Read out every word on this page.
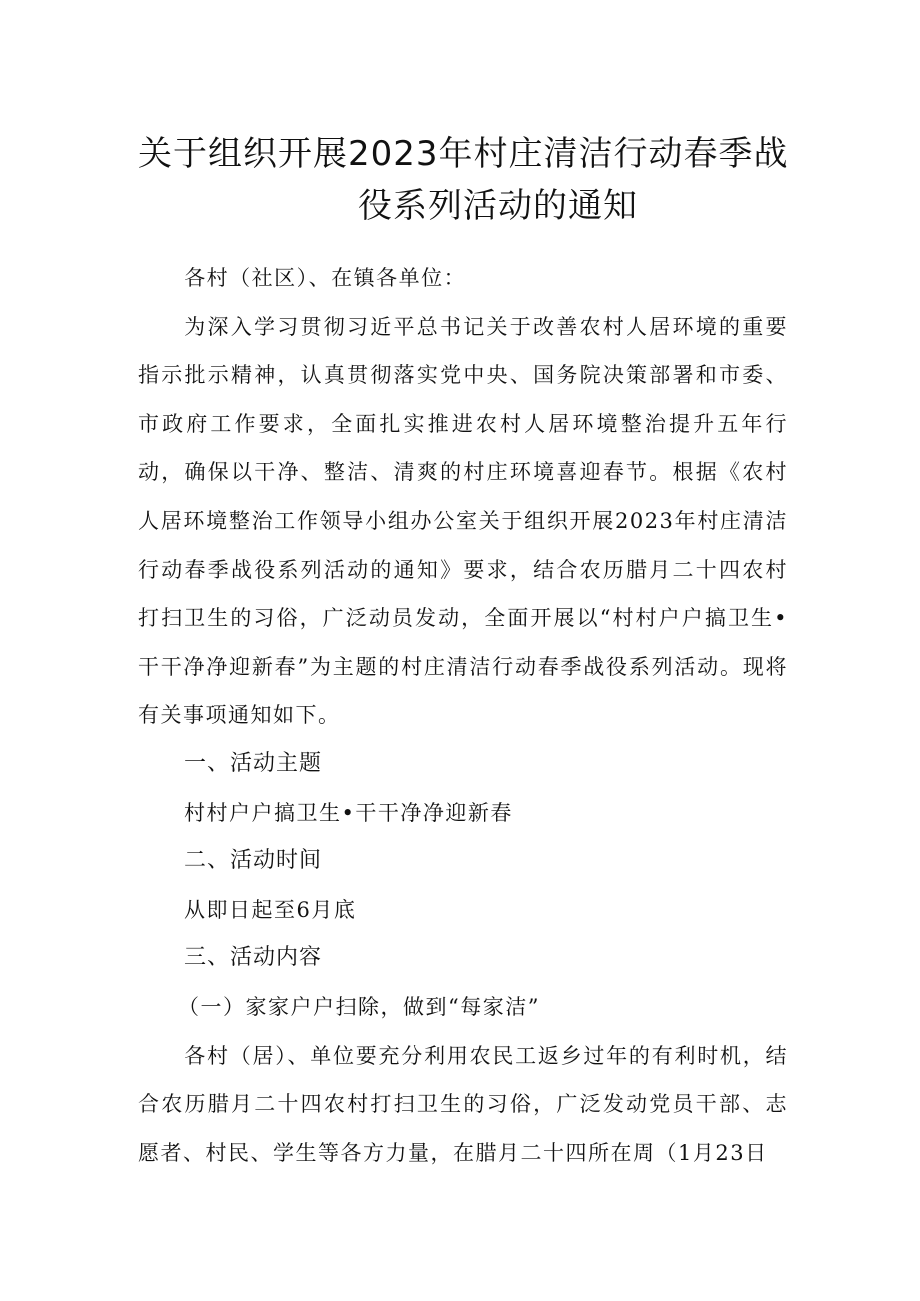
关于组织开展2023年村庄清洁行动春季战
役系列活动的通知

各村（社区）、在镇各单位：

为深入学习贯彻习近平总书记关于改善农村人居环境的重要指示批示精神，认真贯彻落实党中央、国务院决策部署和市委、市政府工作要求，全面扎实推进农村人居环境整治提升五年行动，确保以干净、整洁、清爽的村庄环境喜迎春节。根据《农村人居环境整治工作领导小组办公室关于组织开展2023年村庄清洁行动春季战役系列活动的通知》要求，结合农历腊月二十四农村打扫卫生的习俗，广泛动员发动，全面开展以“村村户户搞卫生•干干净净迎新春”为主题的村庄清洁行动春季战役系列活动。现将有关事项通知如下。

一、活动主题

村村户户搞卫生•干干净净迎新春

二、活动时间

从即日起至6月底

三、活动内容

（一）家家户户扫除，做到“每家洁”

各村（居）、单位要充分利用农民工返乡过年的有利时机，结合农历腊月二十四农村打扫卫生的习俗，广泛发动党员干部、志愿者、村民、学生等各方力量，在腊月二十四所在周（1月23日
